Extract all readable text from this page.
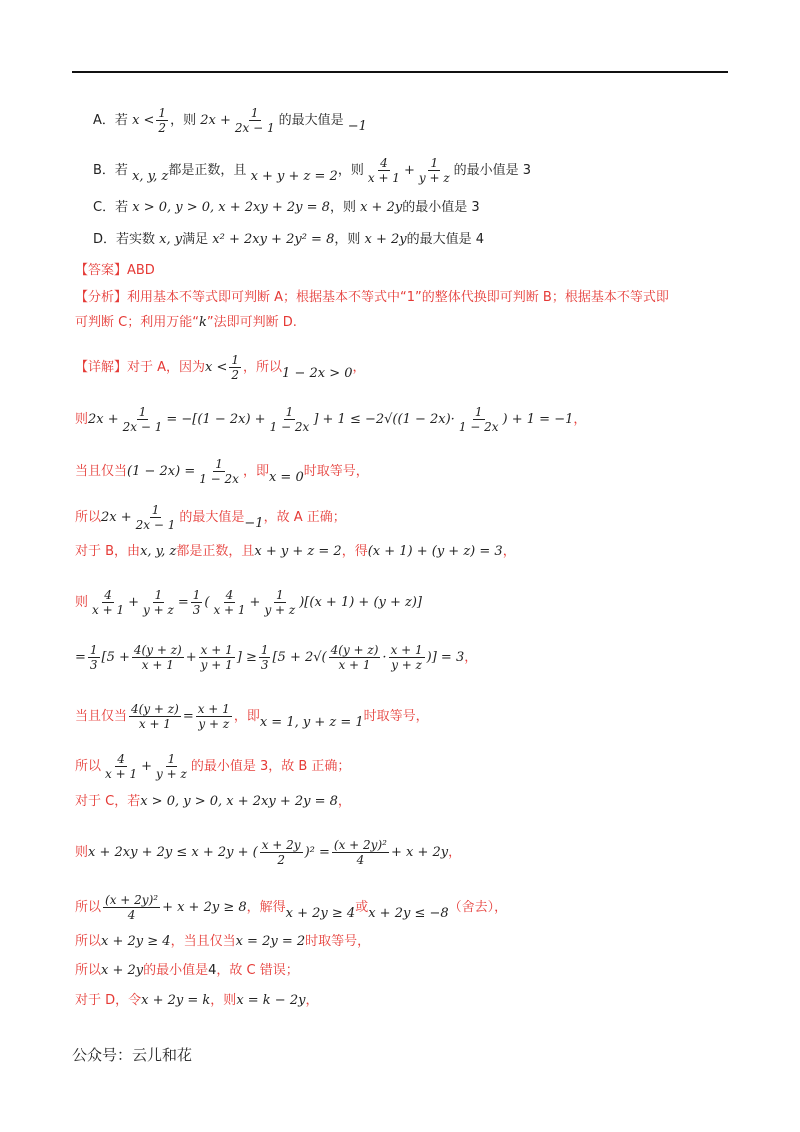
A．若 $x < \frac{1}{2}$ ，则 $2x + \frac{1}{2x - 1}$ 的最大值是 −1
B．若 x, y, z都是正数，且 x + y + z = 2，则 $\frac{4}{x + 1} + \frac{1}{y + z}$ 的最小值是 3
C．若 x > 0, y > 0, x + 2xy + 2y = 8，则 x + 2y的最小值是 3
D．若实数 x, y满足 x² + 2xy + 2y² = 8，则 x + 2y的最大值是 4
【答案】ABD
【分析】利用基本不等式即可判断 A；根据基本不等式中“1”的整体代换即可判断 B；根据基本不等式即
可判断 C；利用万能“k”法即可判断 D.
【详解】对于 A，因为$x < \frac{1}{2}$ ，所以1 − 2x > 0，
则$2x + \frac{1}{2x - 1} = -[(1 - 2x) + \frac{1}{1 - 2x}$ ] + $1 \le -2√((1 - 2x)\cdot \frac{1}{1 - 2x}$ ) + 1 = −1，
当且仅当$(1 - 2x) = \frac{1}{1 - 2x}$ ，即x = 0时取等号，
所以$2x + \frac{1}{2x - 1}$ 的最大值是−1，故 A 正确；
对于 B，由x, y, z都是正数，且x + y + z = 2，得(x + 1) + (y + z) = 3，
则 $\frac{4}{x + 1} + \frac{1}{y + z} = \frac{1}{3}$ ( $\frac{4}{x + 1} + \frac{1}{y + z} )[(x + 1) + (y + z)]$
= $\frac{1}{3} [5 + \frac{4(y + z)}{x + 1} + \frac{x + 1}{y + 1}$ ] ≥ $\frac{1}{3} [5 + 2√( \frac{4(y + z)}{x + 1} \cdot \frac{x + 1}{y + z}$ )] = 3，
当且仅当 $\frac{4(y + z)}{x + 1} = \frac{x + 1}{y + z}$ ，即x = 1, y + z = 1时取等号，
所以 $\frac{4}{x + 1} + \frac{1}{y + z}$ 的最小值是 3，故 B 正确；
对于 C，若x > 0, y > 0, x + 2xy + 2y = 8，
则x + 2xy + 2y ≤ x + 2y + ( $\frac{x + 2y}{2} )^2 = \frac{\text{(x + 2y)²}}{4} + x + 2y$，
所以 $\frac{\text{(x + 2y)²}}{4} + x + 2y \ge 8$，解得x + 2y ≥ 4或x + 2y ≤ −8（舍去），
所以x + 2y ≥ 4，当且仅当x = 2y = 2时取等号，
所以x + 2y的最小值是4，故 C 错误；
对于 D，令x + 2y = k，则x = k − 2y，
公众号：云儿和花
